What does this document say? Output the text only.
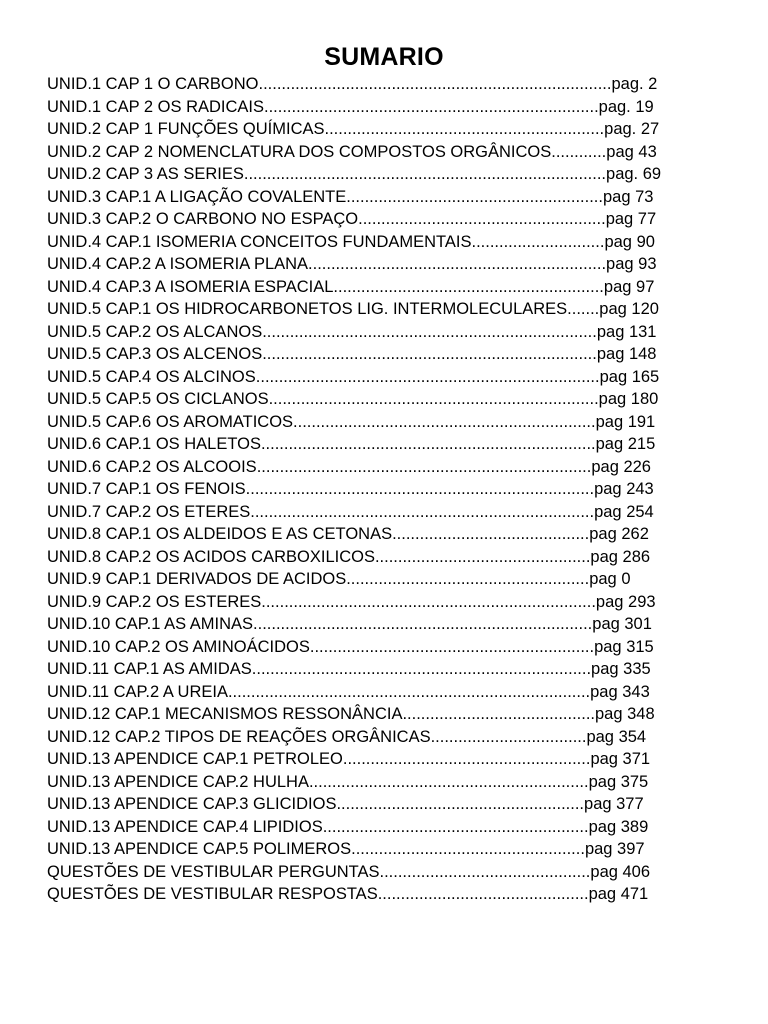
SUMARIO
UNID.1 CAP 1 O CARBONO............................................................................. pag. 2
UNID.1 CAP 2 OS RADICAIS......................................................................... pag. 19
UNID.2 CAP 1 FUNÇÕES QUÍMICAS............................................................. pag. 27
UNID.2 CAP 2 NOMENCLATURA DOS COMPOSTOS ORGÂNICOS............ pag 43
UNID.2 CAP 3 AS SERIES............................................................................... pag. 69
UNID.3 CAP.1 A LIGAÇÃO COVALENTE........................................................ pag 73
UNID.3 CAP.2 O CARBONO NO ESPAÇO...................................................... pag 77
UNID.4 CAP.1 ISOMERIA CONCEITOS FUNDAMENTAIS............................. pag 90
UNID.4 CAP.2 A ISOMERIA PLANA................................................................. pag 93
UNID.4 CAP.3 A ISOMERIA ESPACIAL........................................................... pag 97
UNID.5 CAP.1 OS HIDROCARBONETOS LIG. INTERMOLECULARES....... pag 120
UNID.5 CAP.2 OS ALCANOS......................................................................... pag 131
UNID.5 CAP.3 OS ALCENOS......................................................................... pag 148
UNID.5 CAP.4 OS ALCINOS........................................................................... pag 165
UNID.5 CAP.5 OS CICLANOS........................................................................ pag 180
UNID.5 CAP.6 OS AROMATICOS.................................................................. pag 191
UNID.6 CAP.1 OS HALETOS......................................................................... pag 215
UNID.6 CAP.2 OS ALCOOIS......................................................................... pag 226
UNID.7 CAP.1 OS FENOIS............................................................................ pag 243
UNID.7 CAP.2 OS ETERES........................................................................... pag 254
UNID.8 CAP.1 OS ALDEIDOS E AS CETONAS........................................... pag 262
UNID.8 CAP.2 OS ACIDOS CARBOXILICOS............................................... pag 286
UNID.9 CAP.1 DERIVADOS DE ACIDOS..................................................... pag 0
UNID.9 CAP.2 OS ESTERES......................................................................... pag 293
UNID.10 CAP.1 AS AMINAS.......................................................................... pag 301
UNID.10 CAP.2 OS AMINOÁCIDOS.............................................................. pag 315
UNID.11 CAP.1 AS AMIDAS.......................................................................... pag 335
UNID.11 CAP.2 A UREIA............................................................................... pag 343
UNID.12 CAP.1 MECANISMOS RESSONÂNCIA.......................................... pag 348
UNID.12 CAP.2 TIPOS DE REAÇÕES ORGÂNICAS.................................. pag 354
UNID.13 APENDICE CAP.1 PETROLEO...................................................... pag 371
UNID.13 APENDICE CAP.2 HULHA............................................................. pag 375
UNID.13 APENDICE CAP.3 GLICIDIOS...................................................... pag 377
UNID.13 APENDICE CAP.4 LIPIDIOS.......................................................... pag 389
UNID.13 APENDICE CAP.5 POLIMEROS................................................... pag 397
QUESTÕES DE VESTIBULAR PERGUNTAS.............................................. pag 406
QUESTÕES DE VESTIBULAR RESPOSTAS.............................................. pag 471
